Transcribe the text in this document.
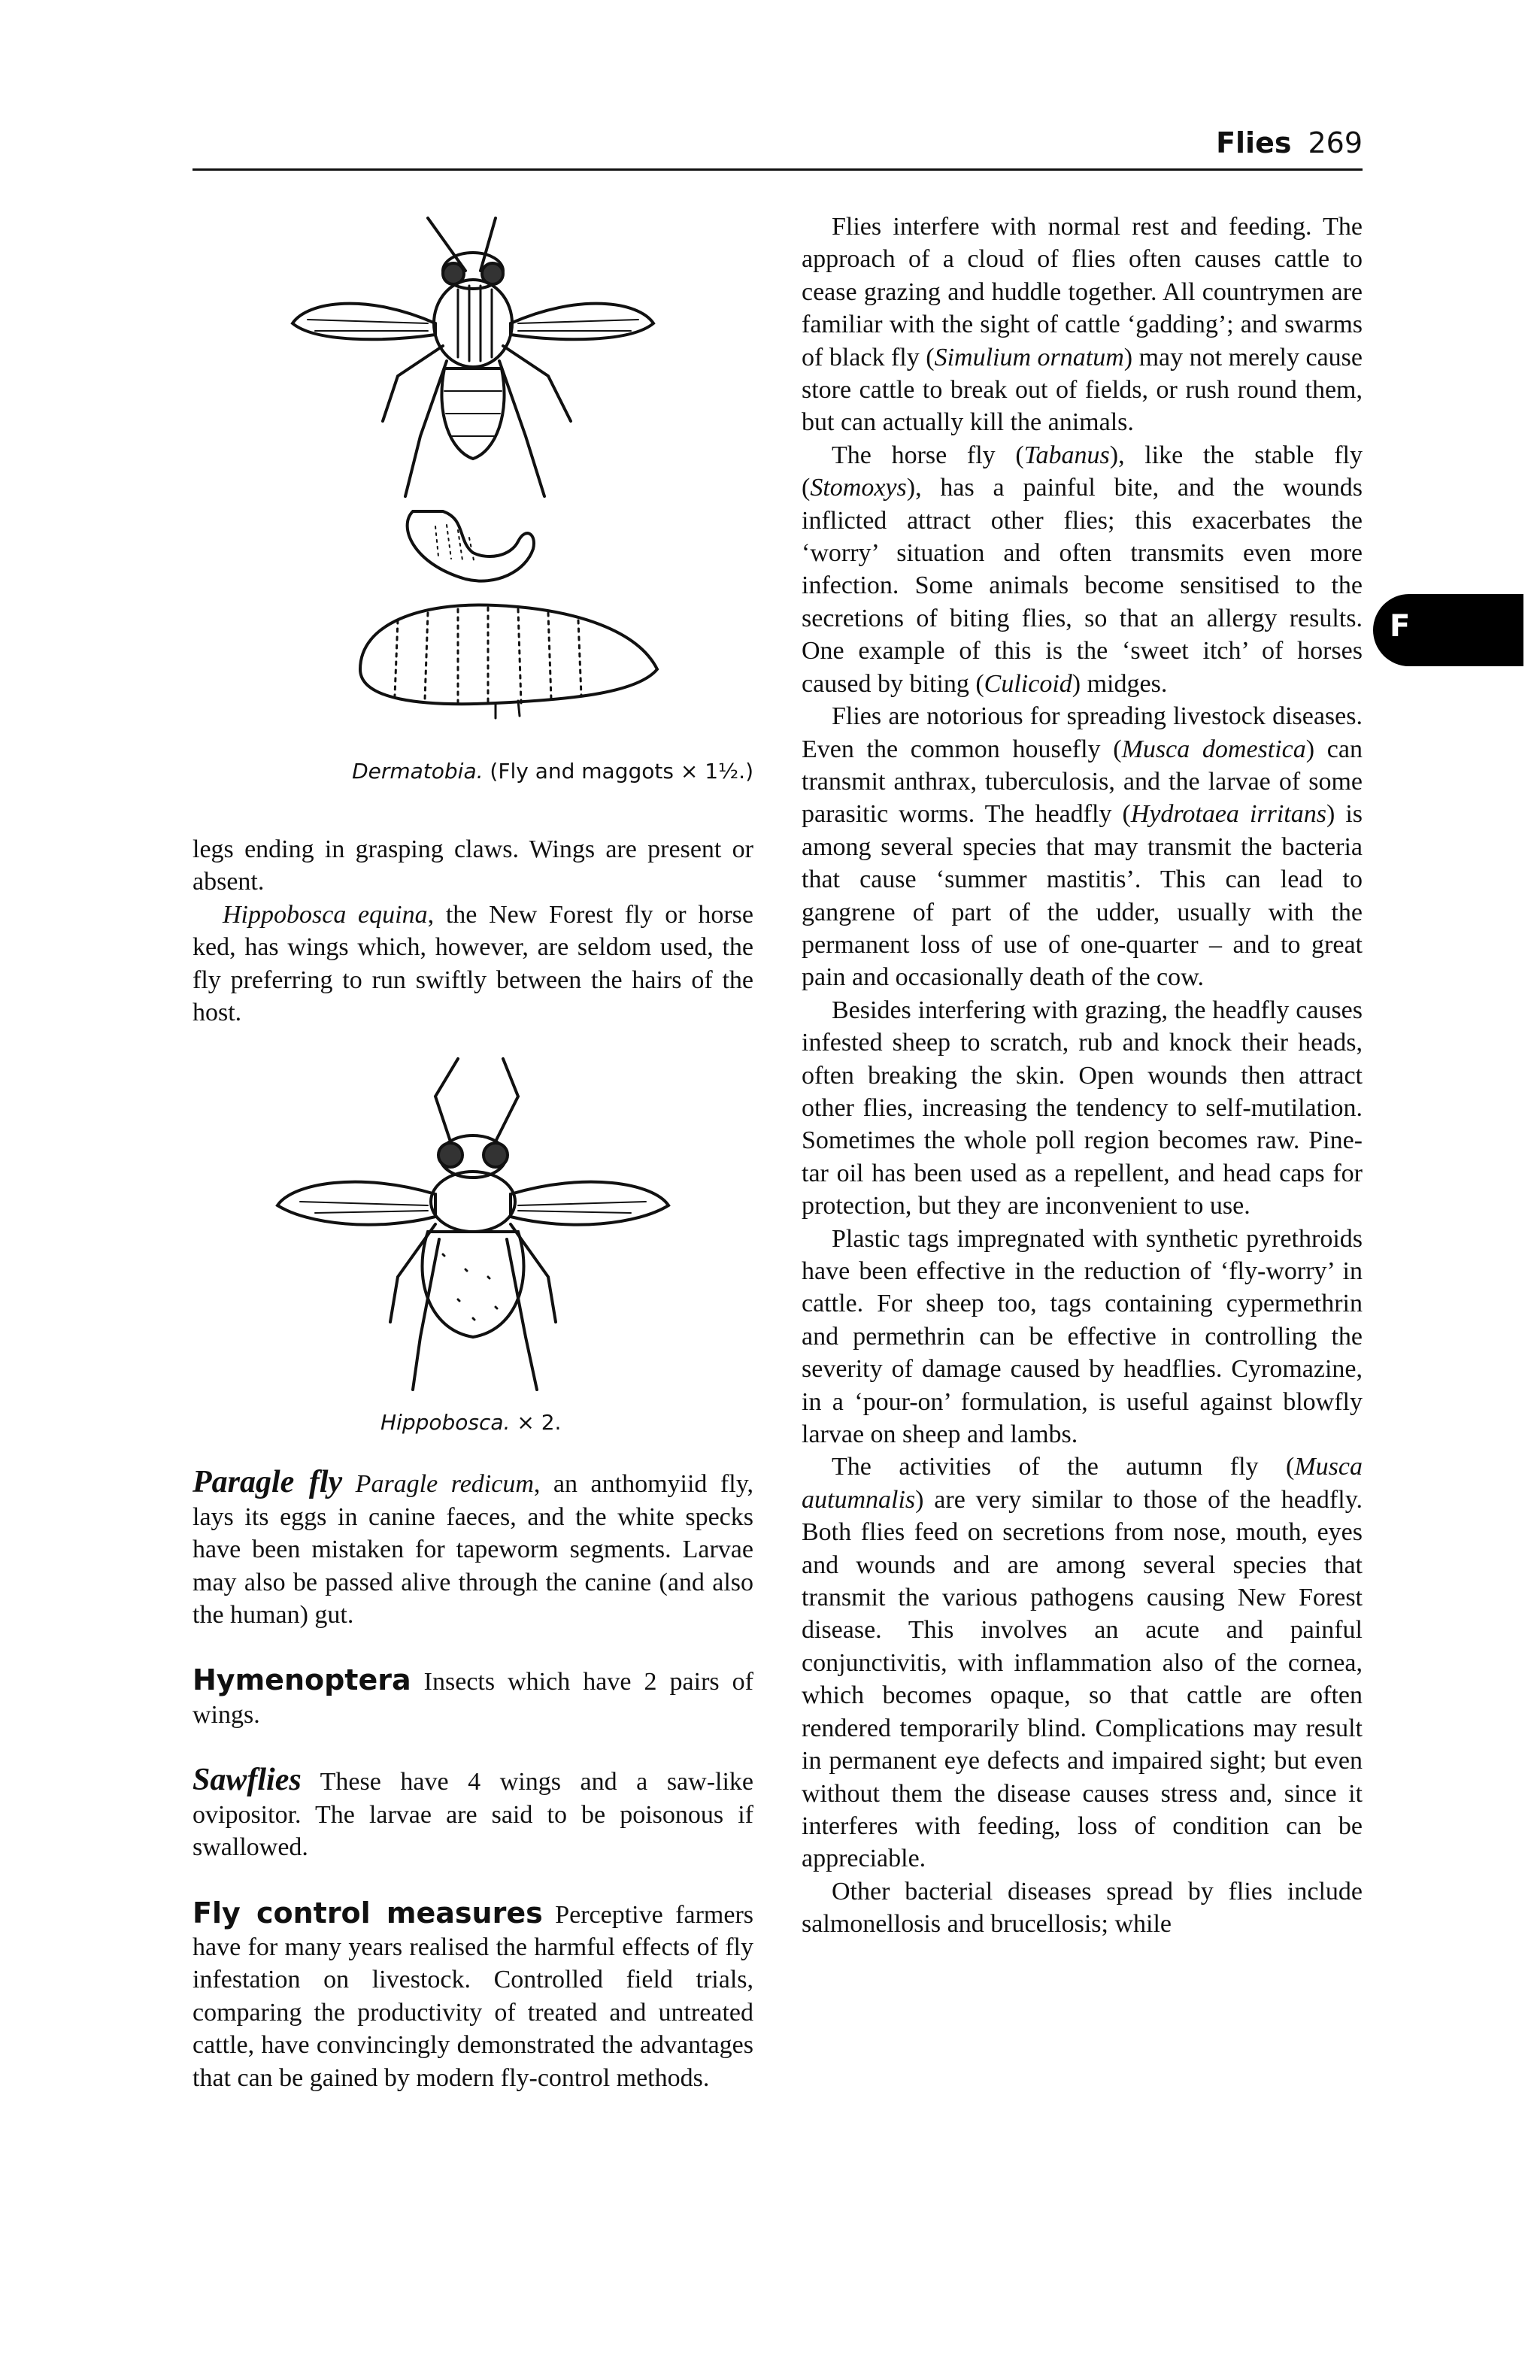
Flies 269
F
Dermatobia. (Fly and maggots × 1½.)

legs ending in grasping claws. Wings are present or absent.

Hippobosca equina, the New Forest fly or horse ked, has wings which, however, are seldom used, the fly preferring to run swiftly between the hairs of the host.

Hippobosca. × 2.

Paragle fly Paragle redicum, an anthomyiid fly, lays its eggs in canine faeces, and the white specks have been mistaken for tapeworm segments. Larvae may also be passed alive through the canine (and also the human) gut.

Hymenoptera Insects which have 2 pairs of wings.

Sawflies These have 4 wings and a saw-like ovipositor. The larvae are said to be poisonous if swallowed.

Fly control measures Perceptive farmers have for many years realised the harmful effects of fly infestation on livestock. Controlled field trials, comparing the productivity of treated and untreated cattle, have convincingly demonstrated the advantages that can be gained by modern fly-control methods.

Flies interfere with normal rest and feeding. The approach of a cloud of flies often causes cattle to cease grazing and huddle together. All countrymen are familiar with the sight of cattle ‘gadding’; and swarms of black fly (Simulium ornatum) may not merely cause store cattle to break out of fields, or rush round them, but can actually kill the animals.

The horse fly (Tabanus), like the stable fly (Stomoxys), has a painful bite, and the wounds inflicted attract other flies; this exacerbates the ‘worry’ situation and often transmits even more infection. Some animals become sensitised to the secretions of biting flies, so that an allergy results. One example of this is the ‘sweet itch’ of horses caused by biting (Culicoid) midges.

Flies are notorious for spreading livestock diseases. Even the common housefly (Musca domestica) can transmit anthrax, tuberculosis, and the larvae of some parasitic worms. The headfly (Hydrotaea irritans) is among several species that may transmit the bacteria that cause ‘summer mastitis’. This can lead to gangrene of part of the udder, usually with the permanent loss of use of one-quarter – and to great pain and occasionally death of the cow.

Besides interfering with grazing, the headfly causes infested sheep to scratch, rub and knock their heads, often breaking the skin. Open wounds then attract other flies, increasing the tendency to self-mutilation. Sometimes the whole poll region becomes raw. Pine-tar oil has been used as a repellent, and head caps for protection, but they are inconvenient to use.

Plastic tags impregnated with synthetic pyrethroids have been effective in the reduction of ‘fly-worry’ in cattle. For sheep too, tags containing cypermethrin and permethrin can be effective in controlling the severity of damage caused by headflies. Cyromazine, in a ‘pour-on’ formulation, is useful against blowfly larvae on sheep and lambs.

The activities of the autumn fly (Musca autumnalis) are very similar to those of the headfly. Both flies feed on secretions from nose, mouth, eyes and wounds and are among several species that transmit the various pathogens causing New Forest disease. This involves an acute and painful conjunctivitis, with inflammation also of the cornea, which becomes opaque, so that cattle are often rendered temporarily blind. Complications may result in permanent eye defects and impaired sight; but even without them the disease causes stress and, since it interferes with feeding, loss of condition can be appreciable.

Other bacterial diseases spread by flies include salmonellosis and brucellosis; while
